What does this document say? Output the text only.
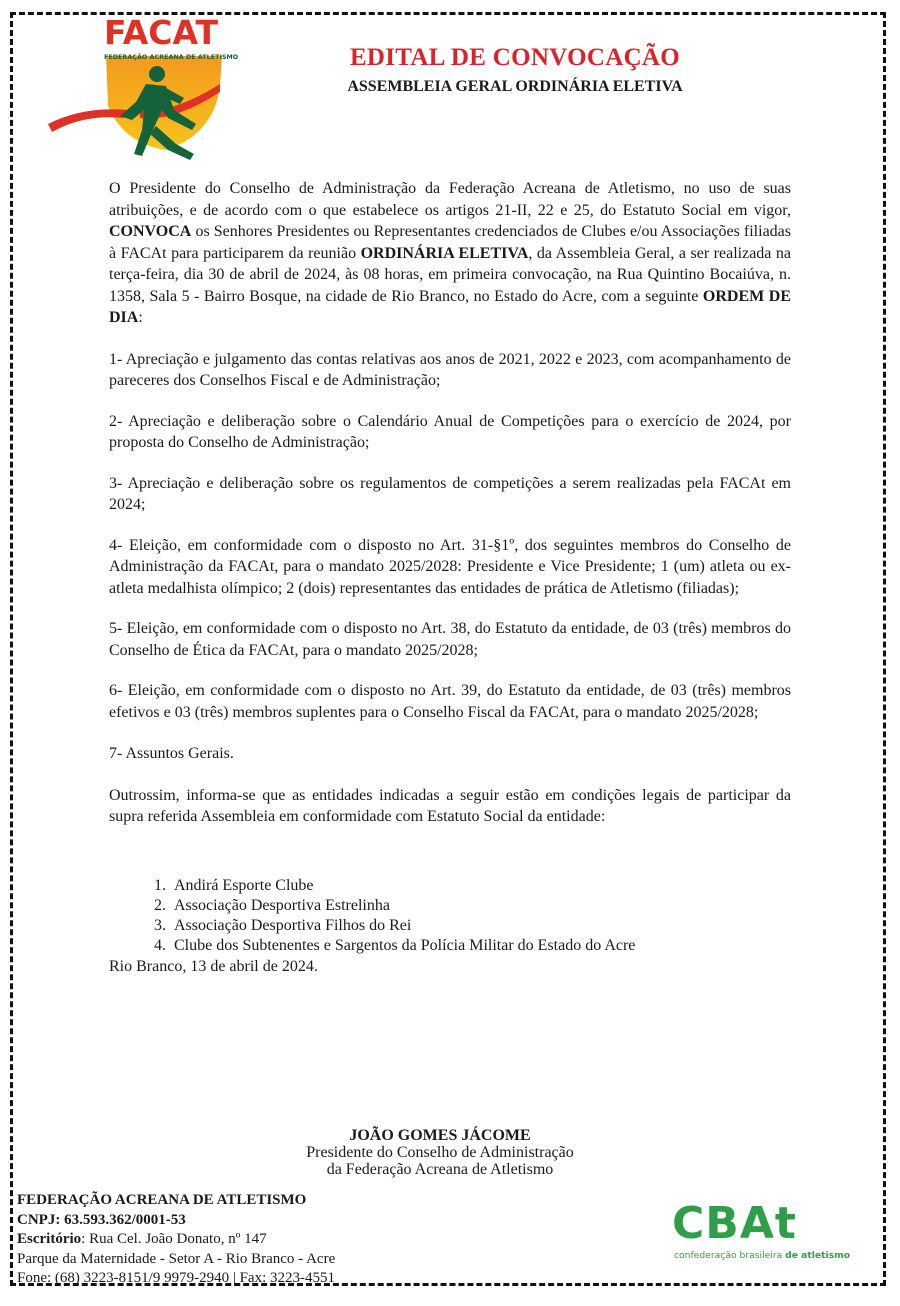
FACAT
FEDERAÇÃO ACREANA DE ATLETISMO	EDITAL DE CONVOCAÇÃO
ASSEMBLEIA GERAL ORDINÁRIA ELETIVA

O Presidente do Conselho de Administração da Federação Acreana de Atletismo, no uso de suas atribuições, e de acordo com o que estabelece os artigos 21-II, 22 e 25, do Estatuto Social em vigor, CONVOCA os Senhores Presidentes ou Representantes credenciados de Clubes e/ou Associações filiadas à FACAt para participarem da reunião ORDINÁRIA ELETIVA, da Assembleia Geral, a ser realizada na terça-feira, dia 30 de abril de 2024, às 08 horas, em primeira convocação, na Rua Quintino Bocaiúva, n. 1358, Sala 5 - Bairro Bosque, na cidade de Rio Branco, no Estado do Acre, com a seguinte ORDEM DE DIA:

1- Apreciação e julgamento das contas relativas aos anos de 2021, 2022 e 2023, com acompanhamento de pareceres dos Conselhos Fiscal e de Administração;

2- Apreciação e deliberação sobre o Calendário Anual de Competições para o exercício de 2024, por proposta do Conselho de Administração;

3- Apreciação e deliberação sobre os regulamentos de competições a serem realizadas pela FACAt em 2024;

4- Eleição, em conformidade com o disposto no Art. 31-§1º, dos seguintes membros do Conselho de Administração da FACAt, para o mandato 2025/2028: Presidente e Vice Presidente; 1 (um) atleta ou ex-atleta medalhista olímpico; 2 (dois) representantes das entidades de prática de Atletismo (filiadas);

5- Eleição, em conformidade com o disposto no Art. 38, do Estatuto da entidade, de 03 (três) membros do Conselho de Ética da FACAt, para o mandato 2025/2028;

6- Eleição, em conformidade com o disposto no Art. 39, do Estatuto da entidade, de 03 (três) membros efetivos e 03 (três) membros suplentes para o Conselho Fiscal da FACAt, para o mandato 2025/2028;

7- Assuntos Gerais.

Outrossim, informa-se que as entidades indicadas a seguir estão em condições legais de participar da supra referida Assembleia em conformidade com Estatuto Social da entidade:

1. Andirá Esporte Clube
2. Associação Desportiva Estrelinha
3. Associação Desportiva Filhos do Rei
4. Clube dos Subtenentes e Sargentos da Polícia Militar do Estado do Acre

Rio Branco, 13 de abril de 2024.

JOÃO GOMES JÁCOME
Presidente do Conselho de Administração
da Federação Acreana de Atletismo
FEDERAÇÃO ACREANA DE ATLETISMO
CNPJ: 63.593.362/0001-53
Escritório: Rua Cel. João Donato, nº 147
Parque da Maternidade - Setor A - Rio Branco - Acre
Fone: (68) 3223-8151/9 9979-2940 | Fax: 3223-4551
CBAt
confederação brasileira de atletismo
